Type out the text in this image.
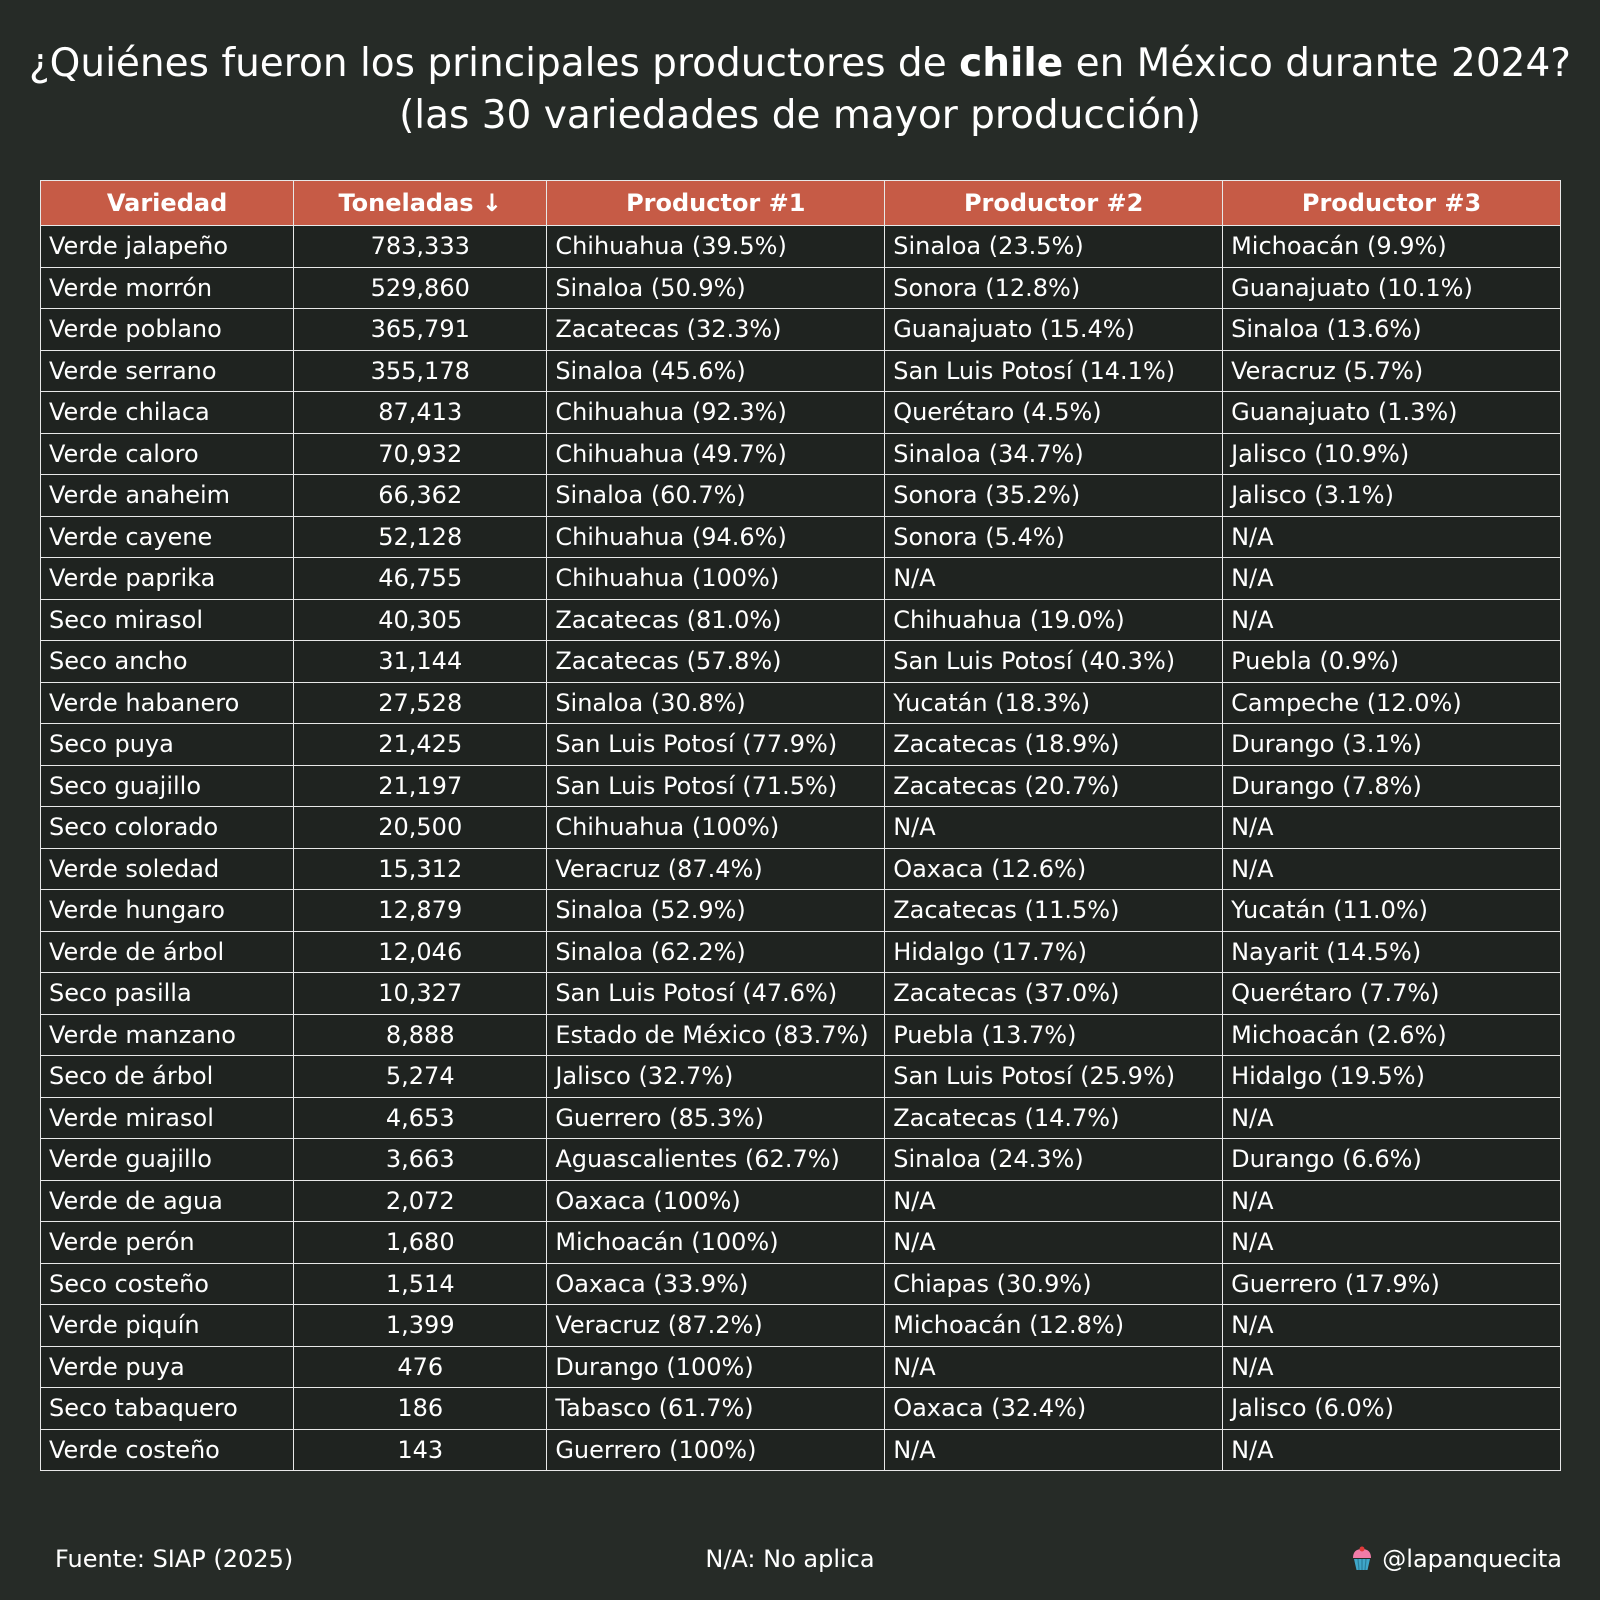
¿Quiénes fueron los principales productores de chile en México durante 2024?
(las 30 variedades de mayor producción)
Variedad	Toneladas ↓	Productor #1	Productor #2	Productor #3
Verde jalapeño	783,333	Chihuahua (39.5%)	Sinaloa (23.5%)	Michoacán (9.9%)
Verde morrón	529,860	Sinaloa (50.9%)	Sonora (12.8%)	Guanajuato (10.1%)
Verde poblano	365,791	Zacatecas (32.3%)	Guanajuato (15.4%)	Sinaloa (13.6%)
Verde serrano	355,178	Sinaloa (45.6%)	San Luis Potosí (14.1%)	Veracruz (5.7%)
Verde chilaca	87,413	Chihuahua (92.3%)	Querétaro (4.5%)	Guanajuato (1.3%)
Verde caloro	70,932	Chihuahua (49.7%)	Sinaloa (34.7%)	Jalisco (10.9%)
Verde anaheim	66,362	Sinaloa (60.7%)	Sonora (35.2%)	Jalisco (3.1%)
Verde cayene	52,128	Chihuahua (94.6%)	Sonora (5.4%)	N/A
Verde paprika	46,755	Chihuahua (100%)	N/A	N/A
Seco mirasol	40,305	Zacatecas (81.0%)	Chihuahua (19.0%)	N/A
Seco ancho	31,144	Zacatecas (57.8%)	San Luis Potosí (40.3%)	Puebla (0.9%)
Verde habanero	27,528	Sinaloa (30.8%)	Yucatán (18.3%)	Campeche (12.0%)
Seco puya	21,425	San Luis Potosí (77.9%)	Zacatecas (18.9%)	Durango (3.1%)
Seco guajillo	21,197	San Luis Potosí (71.5%)	Zacatecas (20.7%)	Durango (7.8%)
Seco colorado	20,500	Chihuahua (100%)	N/A	N/A
Verde soledad	15,312	Veracruz (87.4%)	Oaxaca (12.6%)	N/A
Verde hungaro	12,879	Sinaloa (52.9%)	Zacatecas (11.5%)	Yucatán (11.0%)
Verde de árbol	12,046	Sinaloa (62.2%)	Hidalgo (17.7%)	Nayarit (14.5%)
Seco pasilla	10,327	San Luis Potosí (47.6%)	Zacatecas (37.0%)	Querétaro (7.7%)
Verde manzano	8,888	Estado de México (83.7%)	Puebla (13.7%)	Michoacán (2.6%)
Seco de árbol	5,274	Jalisco (32.7%)	San Luis Potosí (25.9%)	Hidalgo (19.5%)
Verde mirasol	4,653	Guerrero (85.3%)	Zacatecas (14.7%)	N/A
Verde guajillo	3,663	Aguascalientes (62.7%)	Sinaloa (24.3%)	Durango (6.6%)
Verde de agua	2,072	Oaxaca (100%)	N/A	N/A
Verde perón	1,680	Michoacán (100%)	N/A	N/A
Seco costeño	1,514	Oaxaca (33.9%)	Chiapas (30.9%)	Guerrero (17.9%)
Verde piquín	1,399	Veracruz (87.2%)	Michoacán (12.8%)	N/A
Verde puya	476	Durango (100%)	N/A	N/A
Seco tabaquero	186	Tabasco (61.7%)	Oaxaca (32.4%)	Jalisco (6.0%)
Verde costeño	143	Guerrero (100%)	N/A	N/A
Fuente: SIAP (2025)	N/A: No aplica	@lapanquecita
